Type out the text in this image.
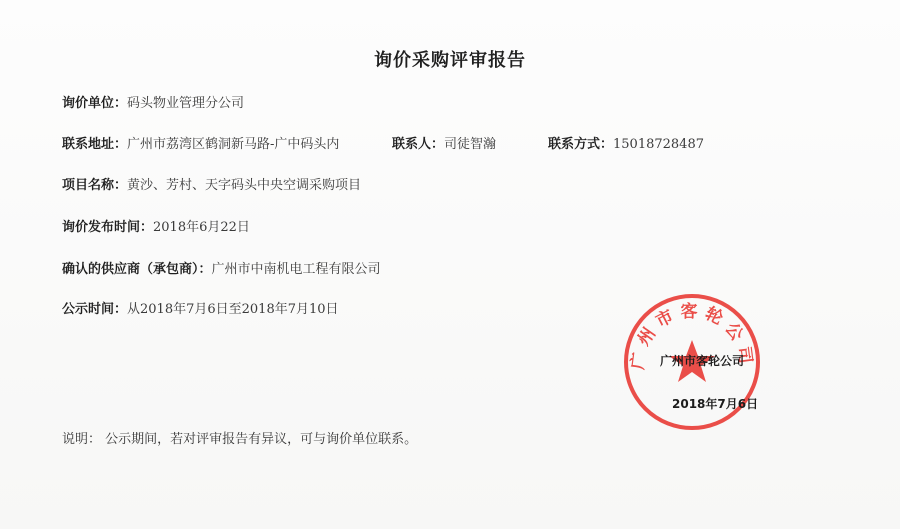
询价采购评审报告
询价单位：码头物业管理分公司
联系地址：广州市荔湾区鹤洞新马路-广中码头内	联系人：司徒智瀚	联系方式：15018728487
项目名称：黄沙、芳村、天字码头中央空调采购项目
询价发布时间：2018年6月22日
确认的供应商（承包商）：广州市中南机电工程有限公司
公示时间：从2018年7月6日至2018年7月10日
说明： 公示期间，若对评审报告有异议，可与询价单位联系。
广州市客轮公司
广州市客轮公司
2018年7月6日
